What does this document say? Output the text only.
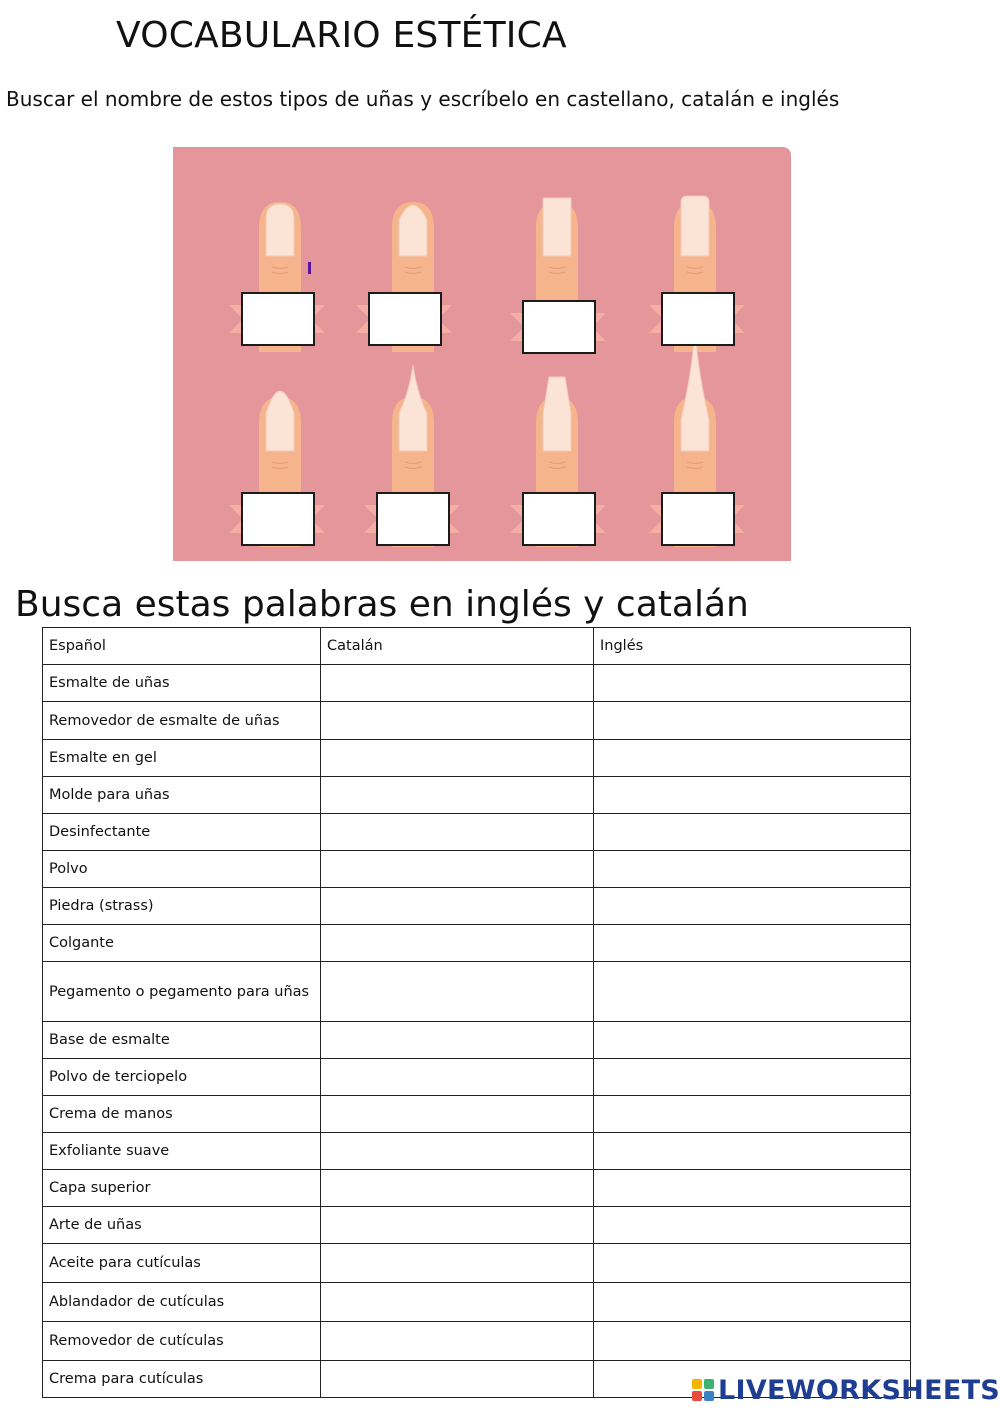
VOCABULARIO ESTÉTICA

Buscar el nombre de estos tipos de uñas y escríbelo en castellano, catalán e inglés

Busca estas palabras en inglés y catalán
Español	Catalán	Inglés
Esmalte de uñas		
Removedor de esmalte de uñas		
Esmalte en gel		
Molde para uñas		
Desinfectante		
Polvo		
Piedra (strass)		
Colgante		
Pegamento o pegamento para uñas		
Base de esmalte		
Polvo de terciopelo		
Crema de manos		
Exfoliante suave		
Capa superior		
Arte de uñas		
Aceite para cutículas		
Ablandador de cutículas		
Removedor de cutículas		
Crema para cutículas			LIVEWORKSHEETS
